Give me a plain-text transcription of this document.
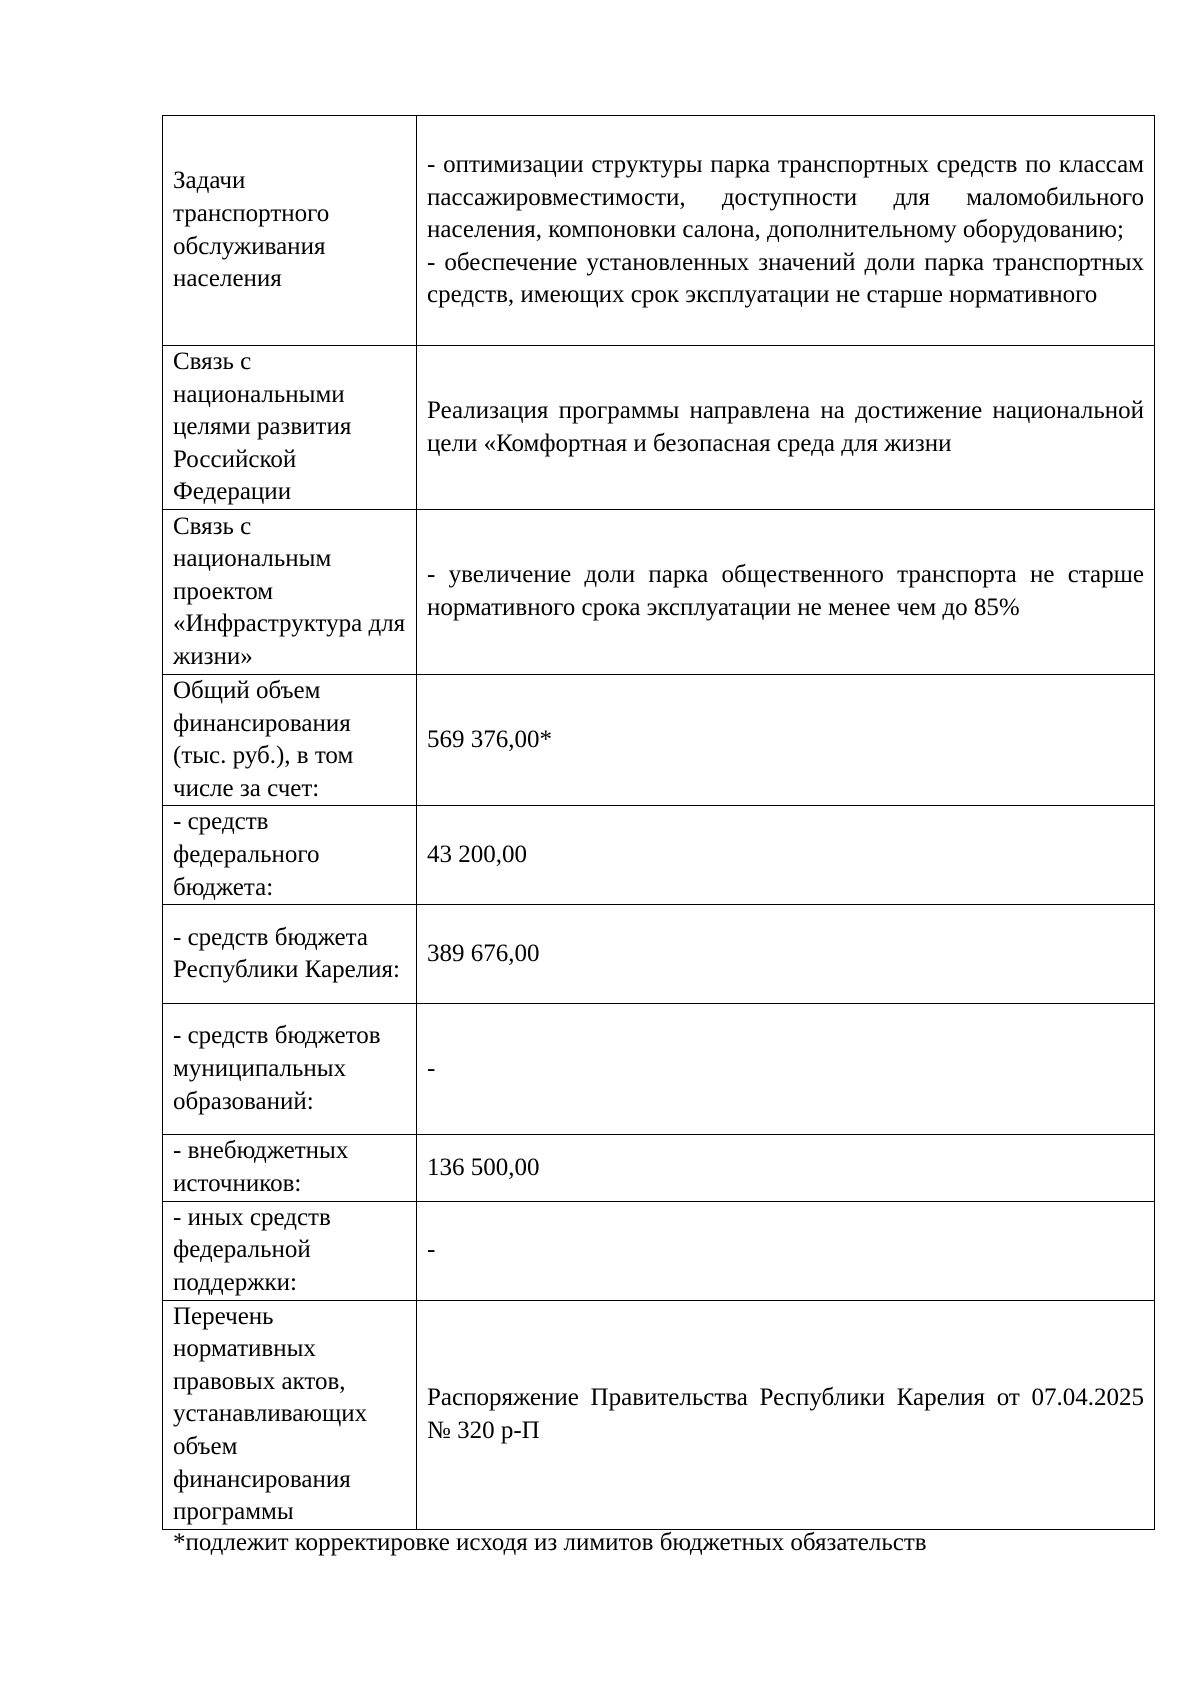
Задачи транспортного обслуживания населения	- оптимизации структуры парка транспортных средств по классам пассажировместимости, доступности для маломобильного населения, компоновки салона, дополнительному оборудованию;
- обеспечение установленных значений доли парка транспортных средств, имеющих срок эксплуатации не старше нормативного

Связь с национальными целями развития Российской Федерации	Реализация программы направлена на достижение национальной цели «Комфортная и безопасная среда для жизни
Связь с национальным проектом «Инфраструктура для жизни»	- увеличение доли парка общественного транспорта не старше нормативного срока эксплуатации не менее чем до 85%
Общий объем финансирования (тыс. руб.), в том числе за счет:	569 376,00*
- средств федерального бюджета:	43 200,00
- средств бюджета Республики Карелия:	389 676,00
- средств бюджетов муниципальных образований:	-
- внебюджетных источников:	136 500,00
- иных средств федеральной поддержки:	-
Перечень нормативных правовых актов, устанавливающих объем финансирования программы	Распоряжение Правительства Республики Карелия от 07.04.2025 № 320 р-П
*подлежит корректировке исходя из лимитов бюджетных обязательств
